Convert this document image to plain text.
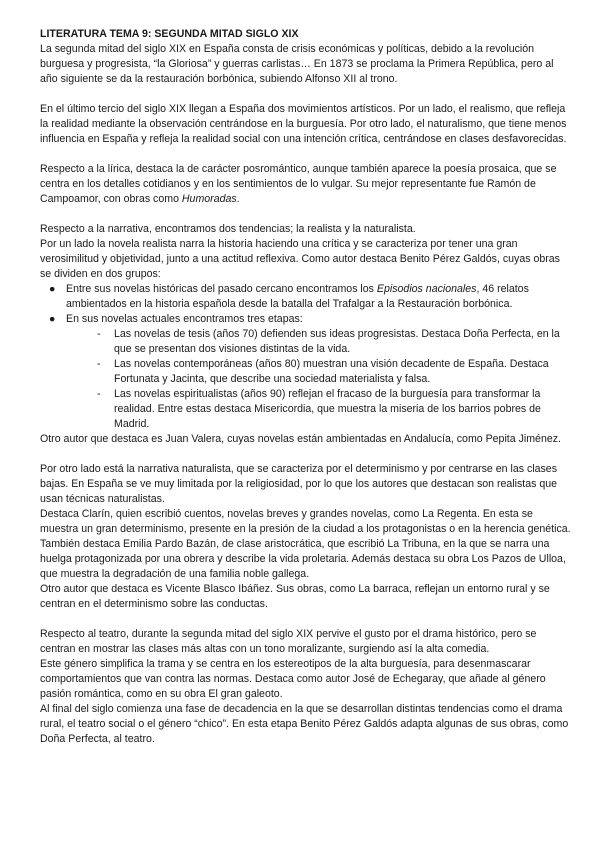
LITERATURA TEMA 9: SEGUNDA MITAD SIGLO XIX

La segunda mitad del siglo XIX en España consta de crisis económicas y políticas, debido a la revolución burguesa y progresista, “la Gloriosa” y guerras carlistas… En 1873 se proclama la Primera República, pero al año siguiente se da la restauración borbónica, subiendo Alfonso XII al trono.

En el último tercio del siglo XIX llegan a España dos movimientos artísticos. Por un lado, el realismo, que refleja la realidad mediante la observación centrándose en la burguesía. Por otro lado, el naturalismo, que tiene menos influencia en España y refleja la realidad social con una intención crítica, centrándose en clases desfavorecidas.

Respecto a la lírica, destaca la de carácter posromántico, aunque también aparece la poesía prosaica, que se centra en los detalles cotidianos y en los sentimientos de lo vulgar. Su mejor representante fue Ramón de Campoamor, con obras como Humoradas.

Respecto a la narrativa, encontramos dos tendencias; la realista y la naturalista.

Por un lado la novela realista narra la historia haciendo una crítica y se caracteriza por tener una gran verosimilitud y objetividad, junto a una actitud reflexiva. Como autor destaca Benito Pérez Galdós, cuyas obras se dividen en dos grupos:

● Entre sus novelas históricas del pasado cercano encontramos los Episodios nacionales, 46 relatos ambientados en la historia española desde la batalla del Trafalgar a la Restauración borbónica.
● En sus novelas actuales encontramos tres etapas:
- Las novelas de tesis (años 70) defienden sus ideas progresistas. Destaca Doña Perfecta, en la que se presentan dos visiones distintas de la vida.
- Las novelas contemporáneas (años 80) muestran una visión decadente de España. Destaca Fortunata y Jacinta, que describe una sociedad materialista y falsa.
- Las novelas espiritualistas (años 90) reflejan el fracaso de la burguesía para transformar la realidad. Entre estas destaca Misericordia, que muestra la miseria de los barrios pobres de Madrid.

Otro autor que destaca es Juan Valera, cuyas novelas están ambientadas en Andalucía, como Pepita Jiménez.

Por otro lado está la narrativa naturalista, que se caracteriza por el determinismo y por centrarse en las clases bajas. En España se ve muy limitada por la religiosidad, por lo que los autores que destacan son realistas que usan técnicas naturalistas.

Destaca Clarín, quien escribió cuentos, novelas breves y grandes novelas, como La Regenta. En esta se muestra un gran determinismo, presente en la presión de la ciudad a los protagonistas o en la herencia genética.

También destaca Emilia Pardo Bazán, de clase aristocrática, que escribió La Tribuna, en la que se narra una huelga protagonizada por una obrera y describe la vida proletaria. Además destaca su obra Los Pazos de Ulloa, que muestra la degradación de una familia noble gallega.

Otro autor que destaca es Vicente Blasco Ibáñez. Sus obras, como La barraca, reflejan un entorno rural y se centran en el determinismo sobre las conductas.

Respecto al teatro, durante la segunda mitad del siglo XIX pervive el gusto por el drama histórico, pero se centran en mostrar las clases más altas con un tono moralizante, surgiendo así la alta comedia.

Este género simplifica la trama y se centra en los estereotipos de la alta burguesía, para desenmascarar comportamientos que van contra las normas. Destaca como autor José de Echegaray, que añade al género pasión romántica, como en su obra El gran galeoto.

Al final del siglo comienza una fase de decadencia en la que se desarrollan distintas tendencias como el drama rural, el teatro social o el género “chico”. En esta etapa Benito Pérez Galdós adapta algunas de sus obras, como Doña Perfecta, al teatro.
